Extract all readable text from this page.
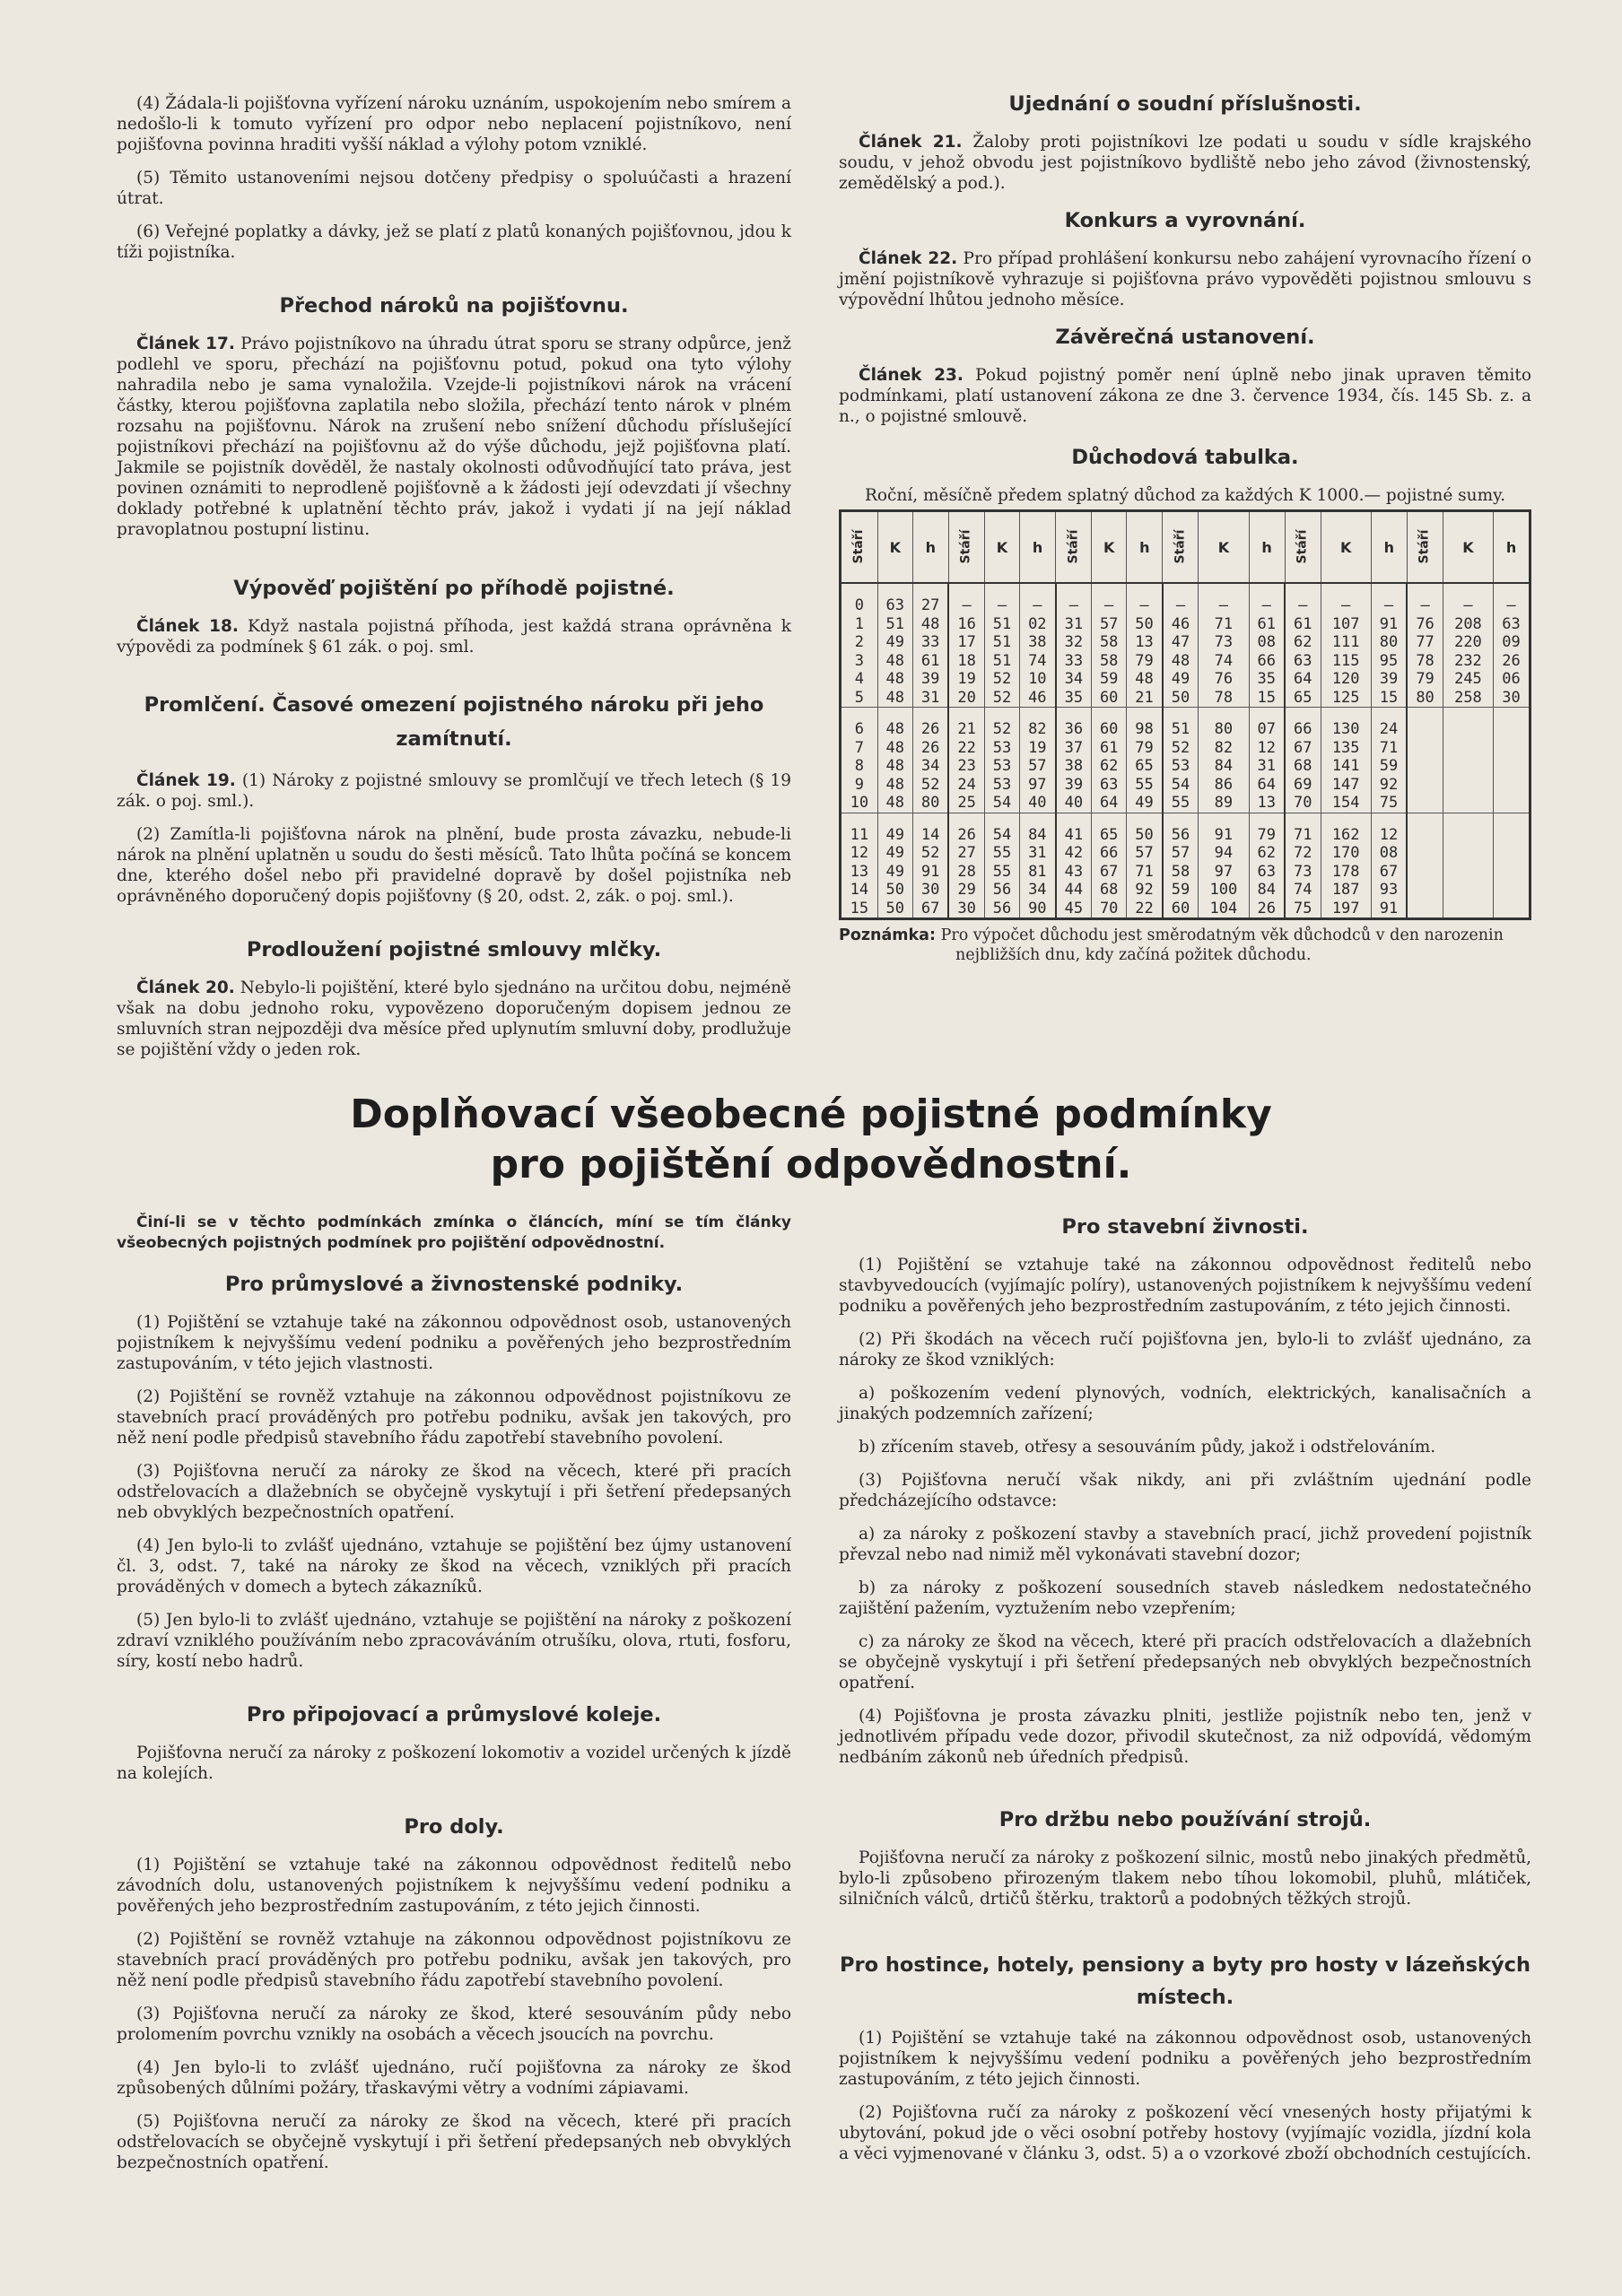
(4) Žádala-li pojišťovna vyřízení nároku uznáním, uspokojením nebo smírem a nedošlo-li k tomuto vyřízení pro odpor nebo neplacení pojistníkovo, není pojišťovna povinna hraditi vyšší náklad a výlohy potom vzniklé.

(5) Těmito ustanoveními nejsou dotčeny předpisy o spoluúčasti a hrazení útrat.

(6) Veřejné poplatky a dávky, jež se platí z platů konaných pojišťovnou, jdou k tíži pojistníka.

Přechod nároků na pojišťovnu.

Článek 17. Právo pojistníkovo na úhradu útrat sporu se strany odpůrce, jenž podlehl ve sporu, přechází na pojišťovnu potud, pokud ona tyto výlohy nahradila nebo je sama vynaložila. Vzejde-li pojistníkovi nárok na vrácení částky, kterou pojišťovna zaplatila nebo složila, přechází tento nárok v plném rozsahu na pojišťovnu. Nárok na zrušení nebo snížení důchodu příslušející pojistníkovi přechází na pojišťovnu až do výše důchodu, jejž pojišťovna platí. Jakmile se pojistník dověděl, že nastaly okolnosti odůvodňující tato práva, jest povinen oznámiti to neprodleně pojišťovně a k žádosti její odevzdati jí všechny doklady potřebné k uplatnění těchto práv, jakož i vydati jí na její náklad pravoplatnou postupní listinu.

Výpověď pojištění po příhodě pojistné.

Článek 18. Když nastala pojistná příhoda, jest každá strana oprávněna k výpovědi za podmínek § 61 zák. o poj. sml.

Promlčení. Časové omezení pojistného nároku při jeho zamítnutí.

Článek 19. (1) Nároky z pojistné smlouvy se promlčují ve třech letech (§ 19 zák. o poj. sml.).

(2) Zamítla-li pojišťovna nárok na plnění, bude prosta závazku, nebude-li nárok na plnění uplatněn u soudu do šesti měsíců. Tato lhůta počíná se koncem dne, kterého došel nebo při pravidelné dopravě by došel pojistníka neb oprávněného doporučený dopis pojišťovny (§ 20, odst. 2, zák. o poj. sml.).

Prodloužení pojistné smlouvy mlčky.

Článek 20. Nebylo-li pojištění, které bylo sjednáno na určitou dobu, nejméně však na dobu jednoho roku, vypovězeno doporučeným dopisem jednou ze smluvních stran nejpozději dva měsíce před uplynutím smluvní doby, prodlužuje se pojištění vždy o jeden rok.

Ujednání o soudní příslušnosti.

Článek 21. Žaloby proti pojistníkovi lze podati u soudu v sídle krajského soudu, v jehož obvodu jest pojistníkovo bydliště nebo jeho závod (živnostenský, zemědělský a pod.).

Konkurs a vyrovnání.

Článek 22. Pro případ prohlášení konkursu nebo zahájení vyrovnacího řízení o jmění pojistníkově vyhrazuje si pojišťovna právo vypověděti pojistnou smlouvu s výpovědní lhůtou jednoho měsíce.

Závěrečná ustanovení.

Článek 23. Pokud pojistný poměr není úplně nebo jinak upraven těmito podmínkami, platí ustanovení zákona ze dne 3. července 1934, čís. 145 Sb. z. a n., o pojistné smlouvě.

Důchodová tabulka.
Roční, měsíčně předem splatný důchod za každých K 1000.— pojistné sumy.
Stáří	K	h	Stáří	K	h	Stáří	K	h	Stáří	K	h	Stáří	K	h	Stáří	K	h
0	63	27	—	—	—	—	—	—	—	—	—	—	—	—	—	—	—
1	51	48	16	51	02	31	57	50	46	71	61	61	107	91	76	208	63
2	49	33	17	51	38	32	58	13	47	73	08	62	111	80	77	220	09
3	48	61	18	51	74	33	58	79	48	74	66	63	115	95	78	232	26
4	48	39	19	52	10	34	59	48	49	76	35	64	120	39	79	245	06
5	48	31	20	52	46	35	60	21	50	78	15	65	125	15	80	258	30
6	48	26	21	52	82	36	60	98	51	80	07	66	130	24			
7	48	26	22	53	19	37	61	79	52	82	12	67	135	71			
8	48	34	23	53	57	38	62	65	53	84	31	68	141	59			
9	48	52	24	53	97	39	63	55	54	86	64	69	147	92			
10	48	80	25	54	40	40	64	49	55	89	13	70	154	75			
11	49	14	26	54	84	41	65	50	56	91	79	71	162	12			
12	49	52	27	55	31	42	66	57	57	94	62	72	170	08			
13	49	91	28	55	81	43	67	71	58	97	63	73	178	67			
14	50	30	29	56	34	44	68	92	59	100	84	74	187	93			
15	50	67	30	56	90	45	70	22	60	104	26	75	197	91			
Poznámka: Pro výpočet důchodu jest směrodatným věk důchodců v den narozenin nejbližších dnu, kdy začíná požitek důchodu.
Doplňovací všeobecné pojistné podmínky
pro pojištění odpovědnostní.

Činí-li se v těchto podmínkách zmínka o článcích, míní se tím články všeobecných pojistných podmínek pro pojištění odpovědnostní.

Pro průmyslové a živnostenské podniky.

(1) Pojištění se vztahuje také na zákonnou odpovědnost osob, ustanovených pojistníkem k nejvyššímu vedení podniku a pověřených jeho bezprostředním zastupováním, v této jejich vlastnosti.

(2) Pojištění se rovněž vztahuje na zákonnou odpovědnost pojistníkovu ze stavebních prací prováděných pro potřebu podniku, avšak jen takových, pro něž není podle předpisů stavebního řádu zapotřebí stavebního povolení.

(3) Pojišťovna neručí za nároky ze škod na věcech, které při pracích odstřelovacích a dlažebních se obyčejně vyskytují i při šetření předepsaných neb obvyklých bezpečnostních opatření.

(4) Jen bylo-li to zvlášť ujednáno, vztahuje se pojištění bez újmy ustanovení čl. 3, odst. 7, také na nároky ze škod na věcech, vzniklých při pracích prováděných v domech a bytech zákazníků.

(5) Jen bylo-li to zvlášť ujednáno, vztahuje se pojištění na nároky z poškození zdraví vzniklého používáním nebo zpracováváním otrušíku, olova, rtuti, fosforu, síry, kostí nebo hadrů.

Pro připojovací a průmyslové koleje.

Pojišťovna neručí za nároky z poškození lokomotiv a vozidel určených k jízdě na kolejích.

Pro doly.

(1) Pojištění se vztahuje také na zákonnou odpovědnost ředitelů nebo závodních dolu, ustanovených pojistníkem k nejvyššímu vedení podniku a pověřených jeho bezprostředním zastupováním, z této jejich činnosti.

(2) Pojištění se rovněž vztahuje na zákonnou odpovědnost pojistníkovu ze stavebních prací prováděných pro potřebu podniku, avšak jen takových, pro něž není podle předpisů stavebního řádu zapotřebí stavebního povolení.

(3) Pojišťovna neručí za nároky ze škod, které sesouváním půdy nebo prolomením povrchu vznikly na osobách a věcech jsoucích na povrchu.

(4) Jen bylo-li to zvlášť ujednáno, ručí pojišťovna za nároky ze škod způsobených důlními požáry, třaskavými větry a vodními zápiavami.

(5) Pojišťovna neručí za nároky ze škod na věcech, které při pracích odstřelovacích se obyčejně vyskytují i při šetření předepsaných neb obvyklých bezpečnostních opatření.

Pro stavební živnosti.

(1) Pojištění se vztahuje také na zákonnou odpovědnost ředitelů nebo stavbyvedoucích (vyjímajíc políry), ustanovených pojistníkem k nejvyššímu vedení podniku a pověřených jeho bezprostředním zastupováním, z této jejich činnosti.

(2) Při škodách na věcech ručí pojišťovna jen, bylo-li to zvlášť ujednáno, za nároky ze škod vzniklých:

a) poškozením vedení plynových, vodních, elektrických, kanalisačních a jinakých podzemních zařízení;

b) zřícením staveb, otřesy a sesouváním půdy, jakož i odstřelováním.

(3) Pojišťovna neručí však nikdy, ani při zvláštním ujednání podle předcházejícího odstavce:

a) za nároky z poškození stavby a stavebních prací, jichž provedení pojistník převzal nebo nad nimiž měl vykonávati stavební dozor;

b) za nároky z poškození sousedních staveb následkem nedostatečného zajištění pažením, vyztužením nebo vzepřením;

c) za nároky ze škod na věcech, které při pracích odstřelovacích a dlažebních se obyčejně vyskytují i při šetření předepsaných neb obvyklých bezpečnostních opatření.

(4) Pojišťovna je prosta závazku plniti, jestliže pojistník nebo ten, jenž v jednotlivém případu vede dozor, přivodil skutečnost, za niž odpovídá, vědomým nedbáním zákonů neb úředních předpisů.

Pro držbu nebo používání strojů.

Pojišťovna neručí za nároky z poškození silnic, mostů nebo jinakých předmětů, bylo-li způsobeno přirozeným tlakem nebo tíhou lokomobil, pluhů, mlátiček, silničních válců, drtičů štěrku, traktorů a podobných těžkých strojů.

Pro hostince, hotely, pensiony a byty pro hosty v lázeňských místech.

(1) Pojištění se vztahuje také na zákonnou odpovědnost osob, ustanovených pojistníkem k nejvyššímu vedení podniku a pověřených jeho bezprostředním zastupováním, z této jejich činnosti.

(2) Pojišťovna ručí za nároky z poškození věcí vnesených hosty přijatými k ubytování, pokud jde o věci osobní potřeby hostovy (vyjímajíc vozidla, jízdní kola a věci vyjmenované v článku 3, odst. 5) a o vzorkové zboží obchodních cestujících.
